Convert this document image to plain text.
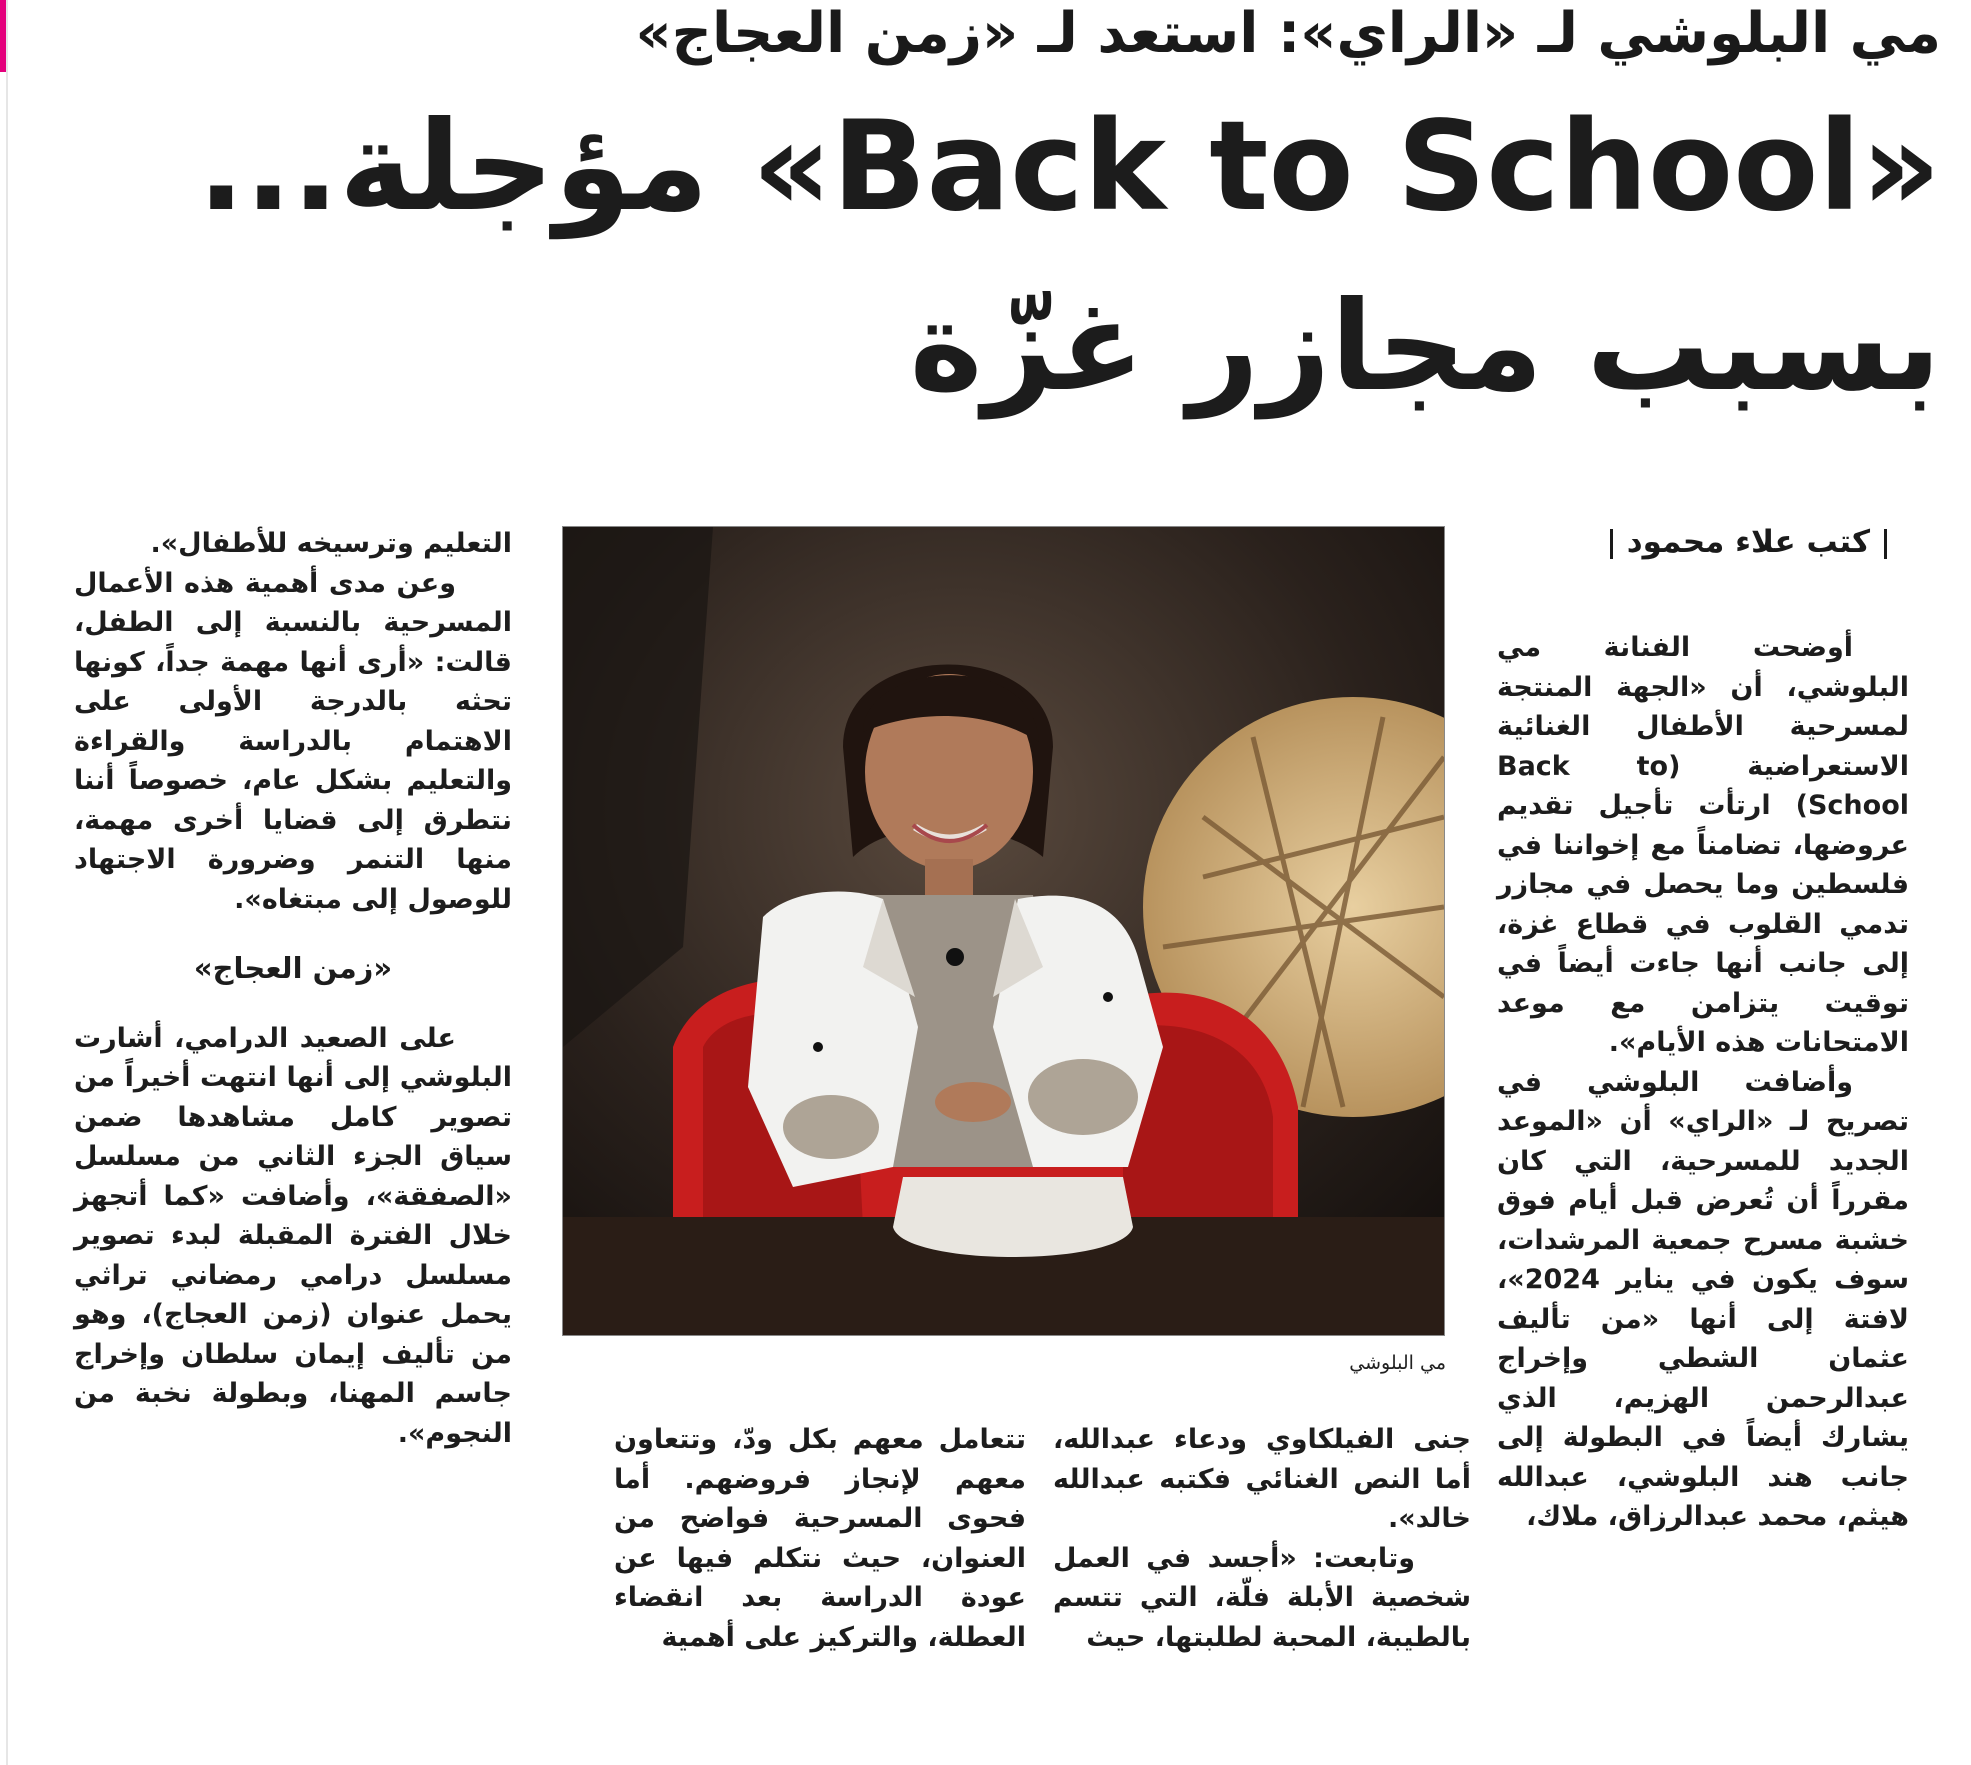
مي البلوشي لـ «الراي»: استعد لـ «زمن العجاج»
«Back to School» مؤجلة...
بسبب مجازر غزّة
كتب علاء محمود

أوضحت الفنانة مي البلوشي، أن «الجهة المنتجة لمسرحية الأطفال الغنائية الاستعراضية (Back to School) ارتأت تأجيل تقديم عروضها، تضامناً مع إخواننا في فلسطين وما يحصل في مجازر تدمي القلوب في قطاع غزة، إلى جانب أنها جاءت أيضاً في توقيت يتزامن مع موعد الامتحانات هذه الأيام».

وأضافت البلوشي في تصريح لـ «الراي» أن «الموعد الجديد للمسرحية، التي كان مقرراً أن تُعرض قبل أيام فوق خشبة مسرح جمعية المرشدات، سوف يكون في يناير 2024»، لافتة إلى أنها «من تأليف عثمان الشطي وإخراج عبدالرحمن الهزيم، الذي يشارك أيضاً في البطولة إلى جانب هند البلوشي، عبدالله هيثم، محمد عبدالرزاق، ملاك،

مي البلوشي

التعليم وترسيخه للأطفال».

وعن مدى أهمية هذه الأعمال المسرحية بالنسبة إلى الطفل، قالت: «أرى أنها مهمة جداً، كونها تحثه بالدرجة الأولى على الاهتمام بالدراسة والقراءة والتعليم بشكل عام، خصوصاً أننا نتطرق إلى قضايا أخرى مهمة، منها التنمر وضرورة الاجتهاد للوصول إلى مبتغاه».

«زمن العجاج»

على الصعيد الدرامي، أشارت البلوشي إلى أنها انتهت أخيراً من تصوير كامل مشاهدها ضمن سياق الجزء الثاني من مسلسل «الصفقة»، وأضافت «كما أتجهز خلال الفترة المقبلة لبدء تصوير مسلسل درامي رمضاني تراثي يحمل عنوان (زمن العجاج)، وهو من تأليف إيمان سلطان وإخراج جاسم المهنا، وبطولة نخبة من النجوم».	جنى الفيلكاوي ودعاء عبدالله، أما النص الغنائي فكتبه عبدالله خالد».

وتابعت: «أجسد في العمل شخصية الأبلة فلّة، التي تتسم بالطيبة، المحبة لطلبتها، حيث

تتعامل معهم بكل ودّ، وتتعاون معهم لإنجاز فروضهم. أما فحوى المسرحية فواضح من العنوان، حيث نتكلم فيها عن عودة الدراسة بعد انقضاء العطلة، والتركيز على أهمية
